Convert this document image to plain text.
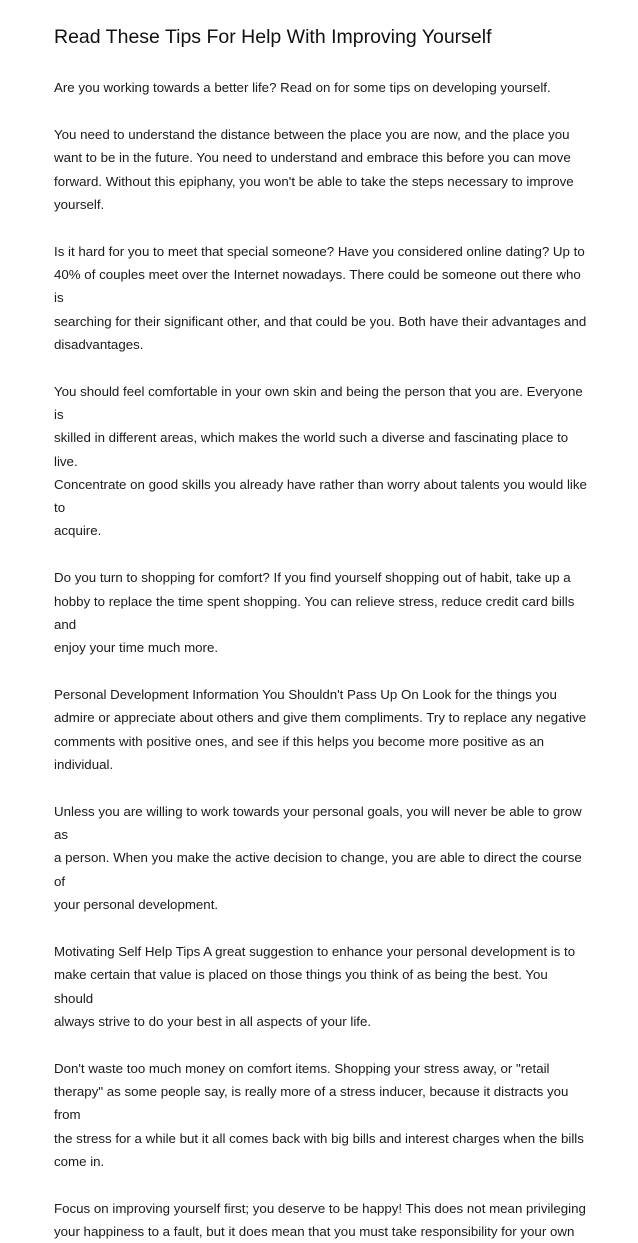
Read These Tips For Help With Improving Yourself

Are you working towards a better life? Read on for some tips on developing yourself.

You need to understand the distance between the place you are now, and the place you
want to be in the future. You need to understand and embrace this before you can move
forward. Without this epiphany, you won't be able to take the steps necessary to improve
yourself.

Is it hard for you to meet that special someone? Have you considered online dating? Up to
40% of couples meet over the Internet nowadays. There could be someone out there who is
searching for their significant other, and that could be you. Both have their advantages and
disadvantages.

You should feel comfortable in your own skin and being the person that you are. Everyone is
skilled in different areas, which makes the world such a diverse and fascinating place to live.
Concentrate on good skills you already have rather than worry about talents you would like to
acquire.

Do you turn to shopping for comfort? If you find yourself shopping out of habit, take up a
hobby to replace the time spent shopping. You can relieve stress, reduce credit card bills and
enjoy your time much more.

Personal Development Information You Shouldn't Pass Up On Look for the things you
admire or appreciate about others and give them compliments. Try to replace any negative
comments with positive ones, and see if this helps you become more positive as an
individual.

Unless you are willing to work towards your personal goals, you will never be able to grow as
a person. When you make the active decision to change, you are able to direct the course of
your personal development.

Motivating Self Help Tips A great suggestion to enhance your personal development is to
make certain that value is placed on those things you think of as being the best. You should
always strive to do your best in all aspects of your life.

Don't waste too much money on comfort items. Shopping your stress away, or "retail
therapy" as some people say, is really more of a stress inducer, because it distracts you from
the stress for a while but it all comes back with big bills and interest charges when the bills
come in.

Focus on improving yourself first; you deserve to be happy! This does not mean privileging
your happiness to a fault, but it does mean that you must take responsibility for your own
